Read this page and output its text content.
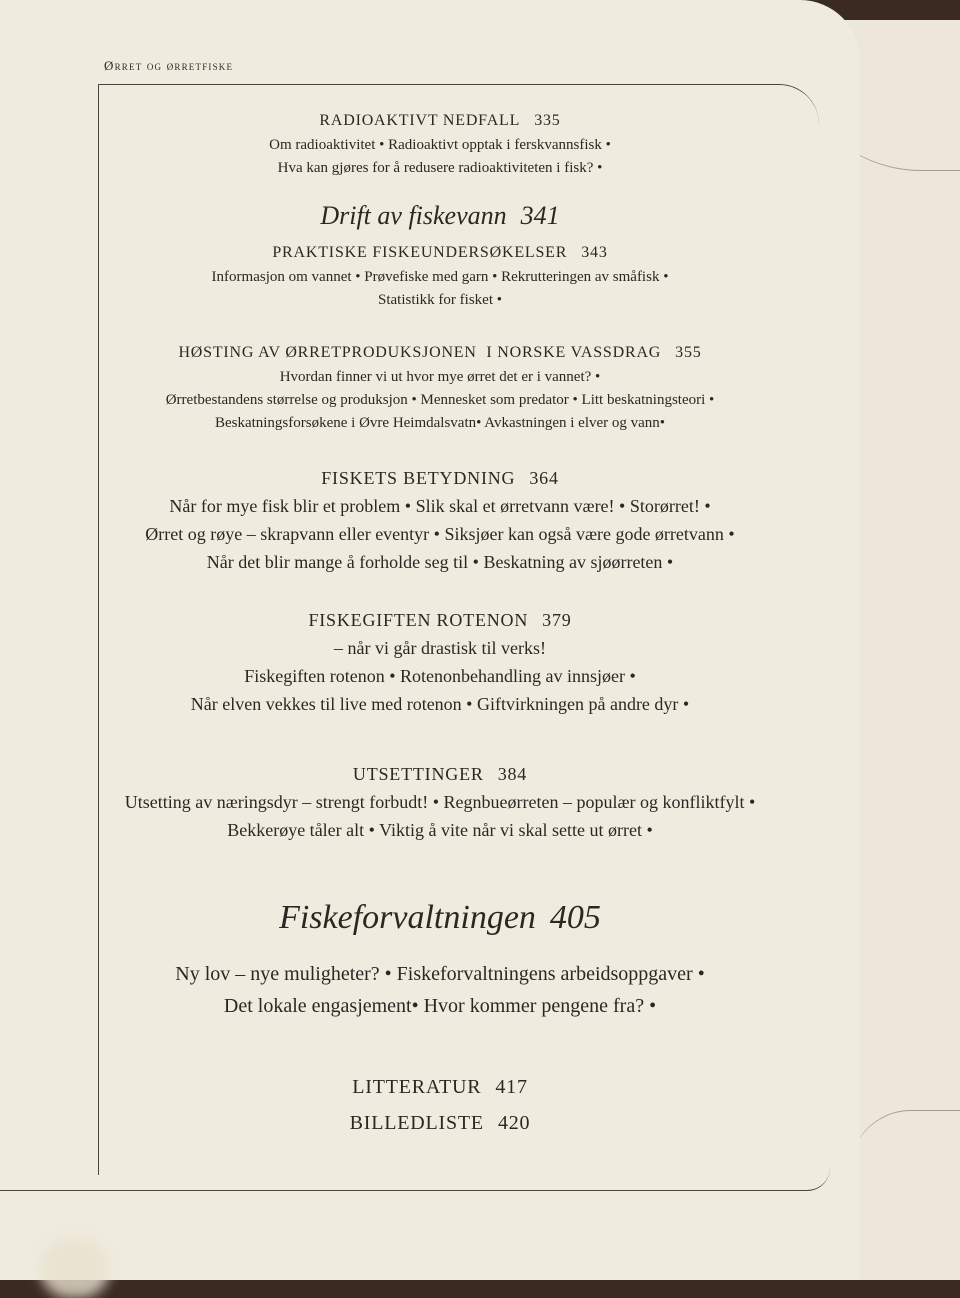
Ørret og ørretfiske
RADIOAKTIVT NEDFALL 335
Om radioaktivitet • Radioaktivt opptak i ferskvannsfisk •
Hva kan gjøres for å redusere radioaktiviteten i fisk? •
Drift av fiskevann 341
PRAKTISKE FISKEUNDERSØKELSER 343
Informasjon om vannet • Prøvefiske med garn • Rekrutteringen av småfisk •
Statistikk for fisket •
HØSTING AV ØRRETPRODUKSJONEN  I NORSKE VASSDRAG 355
Hvordan finner vi ut hvor mye ørret det er i vannet? •
Ørretbestandens størrelse og produksjon • Mennesket som predator • Litt beskatningsteori •
Beskatningsforsøkene i Øvre Heimdalsvatn• Avkastningen i elver og vann•
FISKETS BETYDNING 364
Når for mye fisk blir et problem • Slik skal et ørretvann være! • Storørret! •
Ørret og røye – skrapvann eller eventyr • Siksjøer kan også være gode ørretvann •
Når det blir mange å forholde seg til • Beskatning av sjøørreten •
FISKEGIFTEN ROTENON 379
– når vi går drastisk til verks!
Fiskegiften rotenon • Rotenonbehandling av innsjøer •
Når elven vekkes til live med rotenon • Giftvirkningen på andre dyr •
UTSETTINGER 384
Utsetting av næringsdyr – strengt forbudt! • Regnbueørreten – populær og konfliktfylt •
Bekkerøye tåler alt • Viktig å vite når vi skal sette ut ørret •
Fiskeforvaltningen 405
Ny lov – nye muligheter? • Fiskeforvaltningens arbeidsoppgaver •
Det lokale engasjement• Hvor kommer pengene fra? •
LITTERATUR 417
BILLEDLISTE 420
